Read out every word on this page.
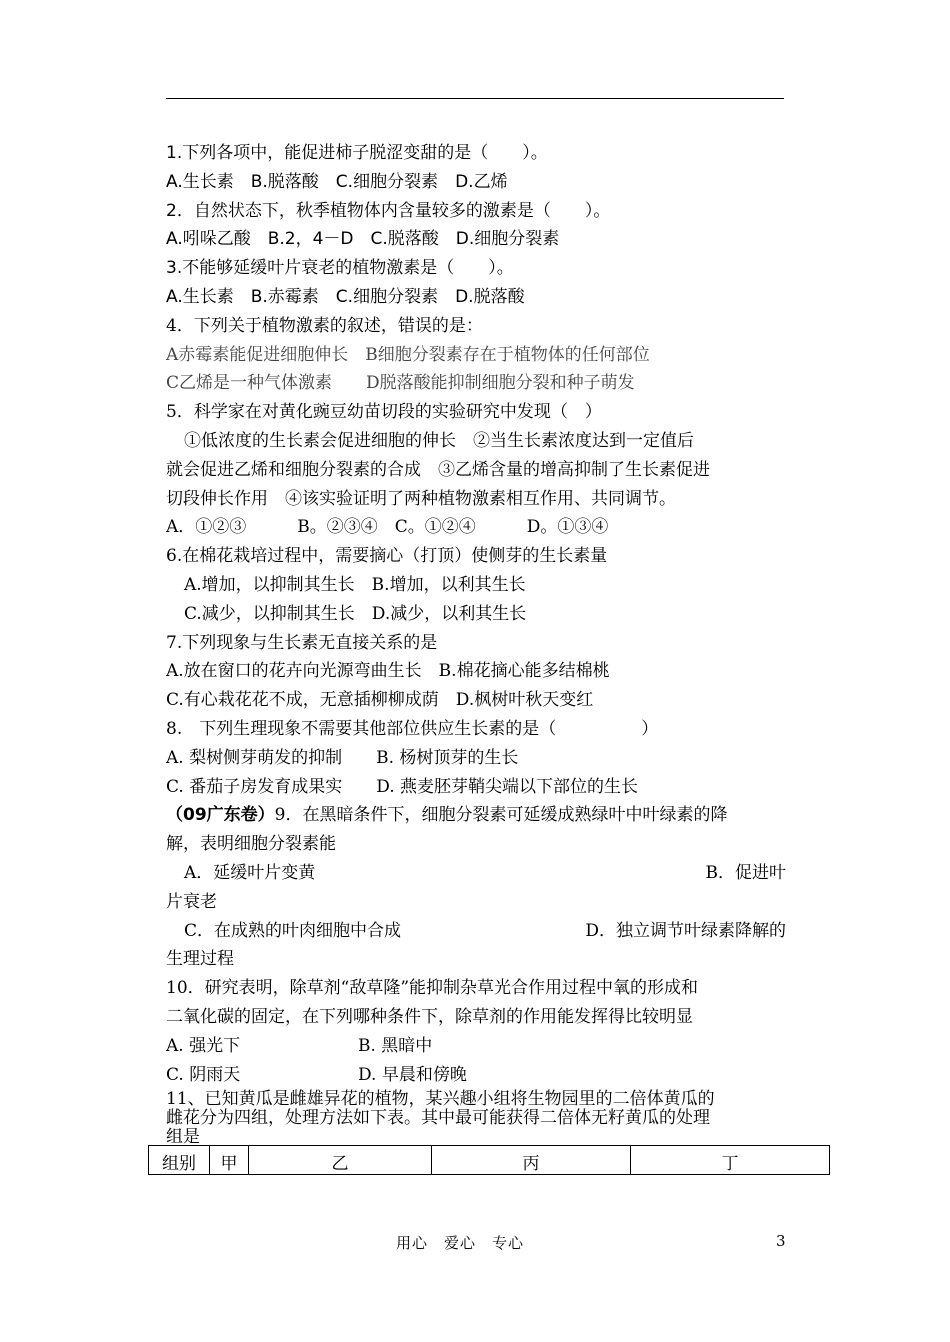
1.下列各项中，能促进柿子脱涩变甜的是（　　）。
A.生长素　B.脱落酸　C.细胞分裂素　D.乙烯
2．自然状态下，秋季植物体内含量较多的激素是（　　）。
A.吲哚乙酸　B.2，4－D　C.脱落酸　D.细胞分裂素
3.不能够延缓叶片衰老的植物激素是（　　）。
A.生长素　B.赤霉素　C.细胞分裂素　D.脱落酸
4．下列关于植物激素的叙述，错误的是：
A赤霉素能促进细胞伸长　B细胞分裂素存在于植物体的任何部位
C乙烯是一种气体激素　　D脱落酸能抑制细胞分裂和种子萌发
5．科学家在对黄化豌豆幼苗切段的实验研究中发现（　）
①低浓度的生长素会促进细胞的伸长　②当生长素浓度达到一定值后
就会促进乙烯和细胞分裂素的合成　③乙烯含量的增高抑制了生长素促进
切段伸长作用　④该实验证明了两种植物激素相互作用、共同调节。
A．①②③　　　B。②③④　C。①②④　　　D。①③④
6.在棉花栽培过程中，需要摘心（打顶）使侧芽的生长素量
A.增加，以抑制其生长　B.增加，以利其生长
C.减少，以抑制其生长　D.减少，以利其生长
7.下列现象与生长素无直接关系的是
A.放在窗口的花卉向光源弯曲生长　B.棉花摘心能多结棉桃
C.有心栽花花不成，无意插柳柳成荫　D.枫树叶秋天变红
8.　下列生理现象不需要其他部位供应生长素的是（　　　　　）
A. 梨树侧芽萌发的抑制　　B. 杨树顶芽的生长
C. 番茄子房发育成果实　　D. 燕麦胚芽鞘尖端以下部位的生长
（09广东卷）9．在黑暗条件下，细胞分裂素可延缓成熟绿叶中叶绿素的降
解，表明细胞分裂素能
A．延缓叶片变黄	B．促进叶
片衰老
C．在成熟的叶肉细胞中合成	D．独立调节叶绿素降解的
生理过程
10．研究表明，除草剂“敌草隆”能抑制杂草光合作用过程中氧的形成和
二氧化碳的固定，在下列哪种条件下，除草剂的作用能发挥得比较明显
A. 强光下	B. 黑暗中
C. 阴雨天	D. 早晨和傍晚
11、已知黄瓜是雌雄异花的植物，某兴趣小组将生物园里的二倍体黄瓜的
雌花分为四组，处理方法如下表。其中最可能获得二倍体无籽黄瓜的处理
组是
组别	甲	乙	丙	丁
用心　爱心　专心	3
